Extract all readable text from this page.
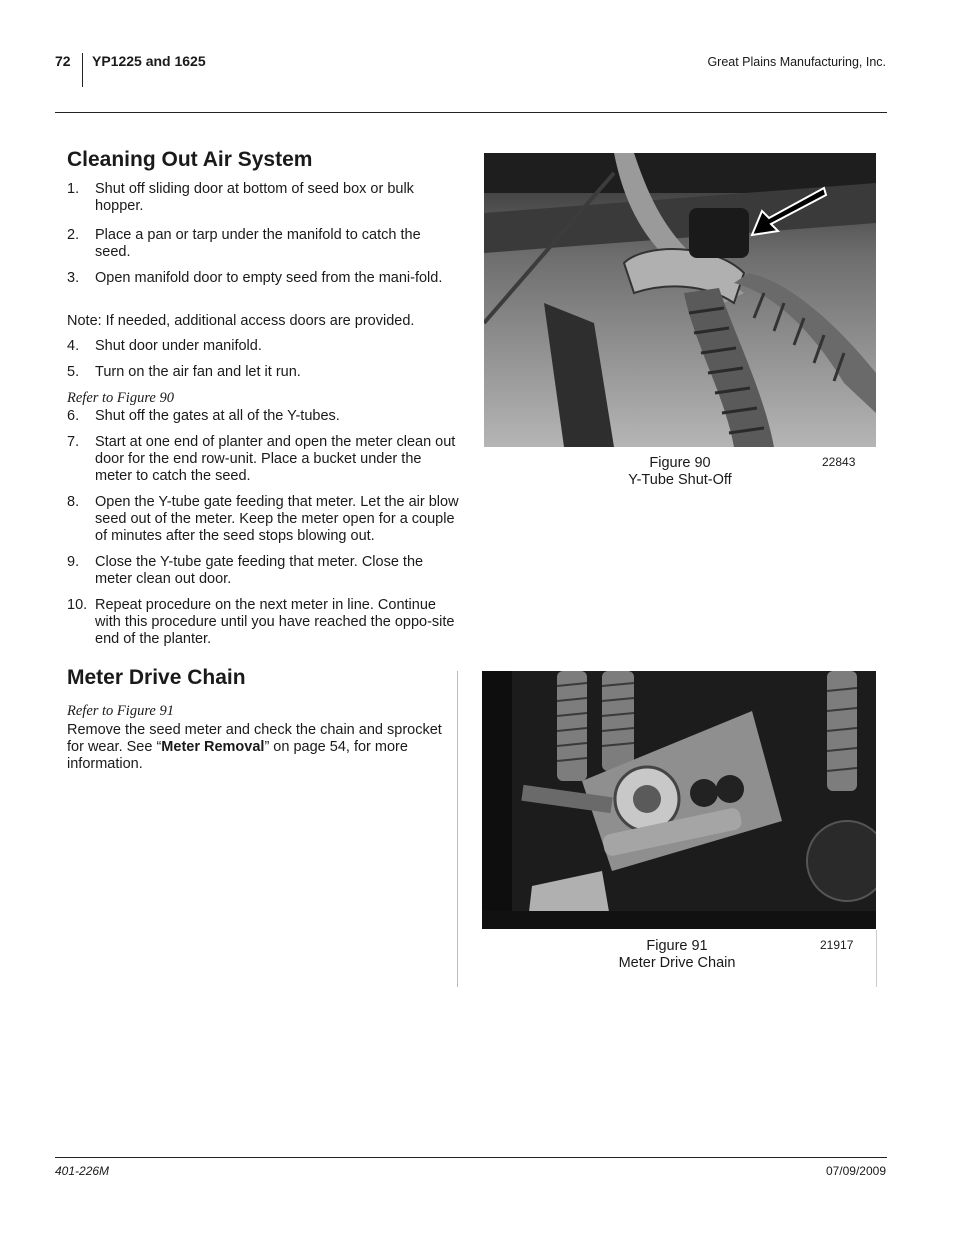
72 YP1225 and 1625	Great Plains Manufacturing, Inc.
Cleaning Out Air System
1. Shut off sliding door at bottom of seed box or bulk hopper.
2. Place a pan or tarp under the manifold to catch the seed.
3. Open manifold door to empty seed from the mani-fold.
Note: If needed, additional access doors are provided.
4. Shut door under manifold.
5. Turn on the air fan and let it run.
Refer to Figure 90
6. Shut off the gates at all of the Y-tubes.
7. Start at one end of planter and open the meter clean out door for the end row-unit. Place a bucket under the meter to catch the seed.
8. Open the Y-tube gate feeding that meter. Let the air blow seed out of the meter. Keep the meter open for a couple of minutes after the seed stops blowing out.
9. Close the Y-tube gate feeding that meter. Close the meter clean out door.
10. Repeat procedure on the next meter in line. Continue with this procedure until you have reached the oppo-site end of the planter.
Figure 90
Y-Tube Shut-Off
22843
Meter Drive Chain
Refer to Figure 91
Remove the seed meter and check the chain and sprocket for wear. See “Meter Removal” on page 54, for more information.
Figure 91
Meter Drive Chain
21917
401-226M	07/09/2009
